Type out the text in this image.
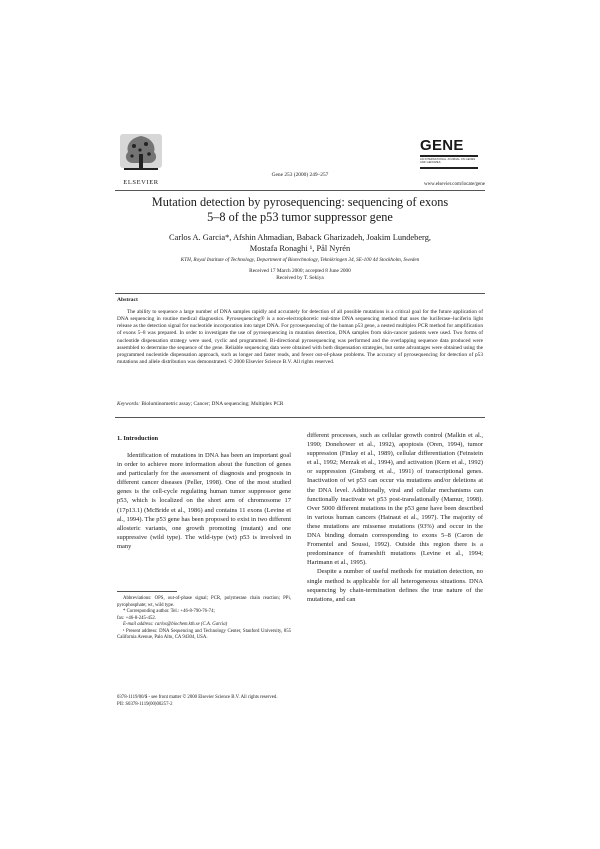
ELSEVIER
Gene 253 (2000) 249–257
GENE
AN INTERNATIONAL JOURNAL ON GENES AND GENOMES
www.elsevier.com/locate/gene
Mutation detection by pyrosequencing: sequencing of exons
5–8 of the p53 tumor suppressor gene
Carlos A. Garcia*, Afshin Ahmadian, Baback Gharizadeh, Joakim Lundeberg,
Mostafa Ronaghi ¹, Pål Nyrén
KTH, Royal Institute of Technology, Department of Biotechnology, Teknikringen 34, SE-100 44 Stockholm, Sweden
Received 17 March 2000; accepted 8 June 2000
Received by T. Sekiya
Abstract
The ability to sequence a large number of DNA samples rapidly and accurately for detection of all possible mutations is a critical goal for the future application of DNA sequencing in routine medical diagnostics. Pyrosequencing® is a non-electrophoretic real-time DNA sequencing method that uses the luciferase–luciferin light release as the detection signal for nucleotide incorporation into target DNA. For pyrosequencing of the human p53 gene, a nested multiplex PCR method for amplification of exons 5–8 was prepared. In order to investigate the use of pyrosequencing in mutation detection, DNA samples from skin-cancer patients were used. Two forms of nucleotide dispensation strategy were used, cyclic and programmed. Bi-directional pyrosequencing was performed and the overlapping sequence data produced were assembled to determine the sequence of the gene. Reliable sequencing data were obtained with both dispensation strategies, but some advantages were obtained using the programmed nucleotide dispensation approach, such as longer and faster reads, and fewer out-of-phase problems. The accuracy of pyrosequencing for detection of p53 mutations and allele distribution was demonstrated. © 2000 Elsevier Science B.V. All rights reserved.
Keywords: Bioluminometric assay; Cancer; DNA sequencing; Multiplex PCR
1. Introduction
Identification of mutations in DNA has been an important goal in order to achieve more information about the function of genes and particularly for the assessment of diagnosis and prognosis in different cancer diseases (Peller, 1998). One of the most studied genes is the cell-cycle regulating human tumor suppressor gene p53, which is localized on the short arm of chromosome 17 (17p13.1) (McBride et al., 1986) and contains 11 exons (Levine et al., 1994). The p53 gene has been proposed to exist in two different allosteric variants, one growth promoting (mutant) and one suppressive (wild type). The wild-type (wt) p53 is involved in many

Abbreviations: OPS, out-of-phase signal; PCR, polymerase chain reaction; PPi, pyrophosphate; wt, wild type.

* Corresponding author. Tel.: +46-8-790-76-74;

fax: +46-8-245-452.

E-mail address: carlos@biochem.kth.se (C.A. Garcia)

¹ Present address: DNA Sequencing and Technology Center, Stanford University, 855 California Avenue, Palo Alto, CA 94304, USA.

different processes, such as cellular growth control (Malkin et al., 1990; Donehower et al., 1992), apoptosis (Oren, 1994), tumor suppression (Finlay et al., 1989), cellular differentiation (Feinstein et al., 1992; Merzak et al., 1994), and activation (Kern et al., 1992) or suppression (Ginsberg et al., 1991) of transcriptional genes. Inactivation of wt p53 can occur via mutations and/or deletions at the DNA level. Additionally, viral and cellular mechanisms can functionally inactivate wt p53 post-translationally (Mamur, 1998). Over 5000 different mutations in the p53 gene have been described in various human cancers (Hainaut et al., 1997). The majority of these mutations are missense mutations (93%) and occur in the DNA binding domain corresponding to exons 5–8 (Caron de Fromentel and Soussi, 1992). Outside this region there is a predominance of frameshift mutations (Levine et al., 1994; Hartmann et al., 1995).

Despite a number of useful methods for mutation detection, no single method is applicable for all heterogeneous situations. DNA sequencing by chain-termination defines the true nature of the mutations, and can

0378-1119/00/$ - see front matter © 2000 Elsevier Science B.V. All rights reserved.
PII: S0378-1119(00)00257-2
